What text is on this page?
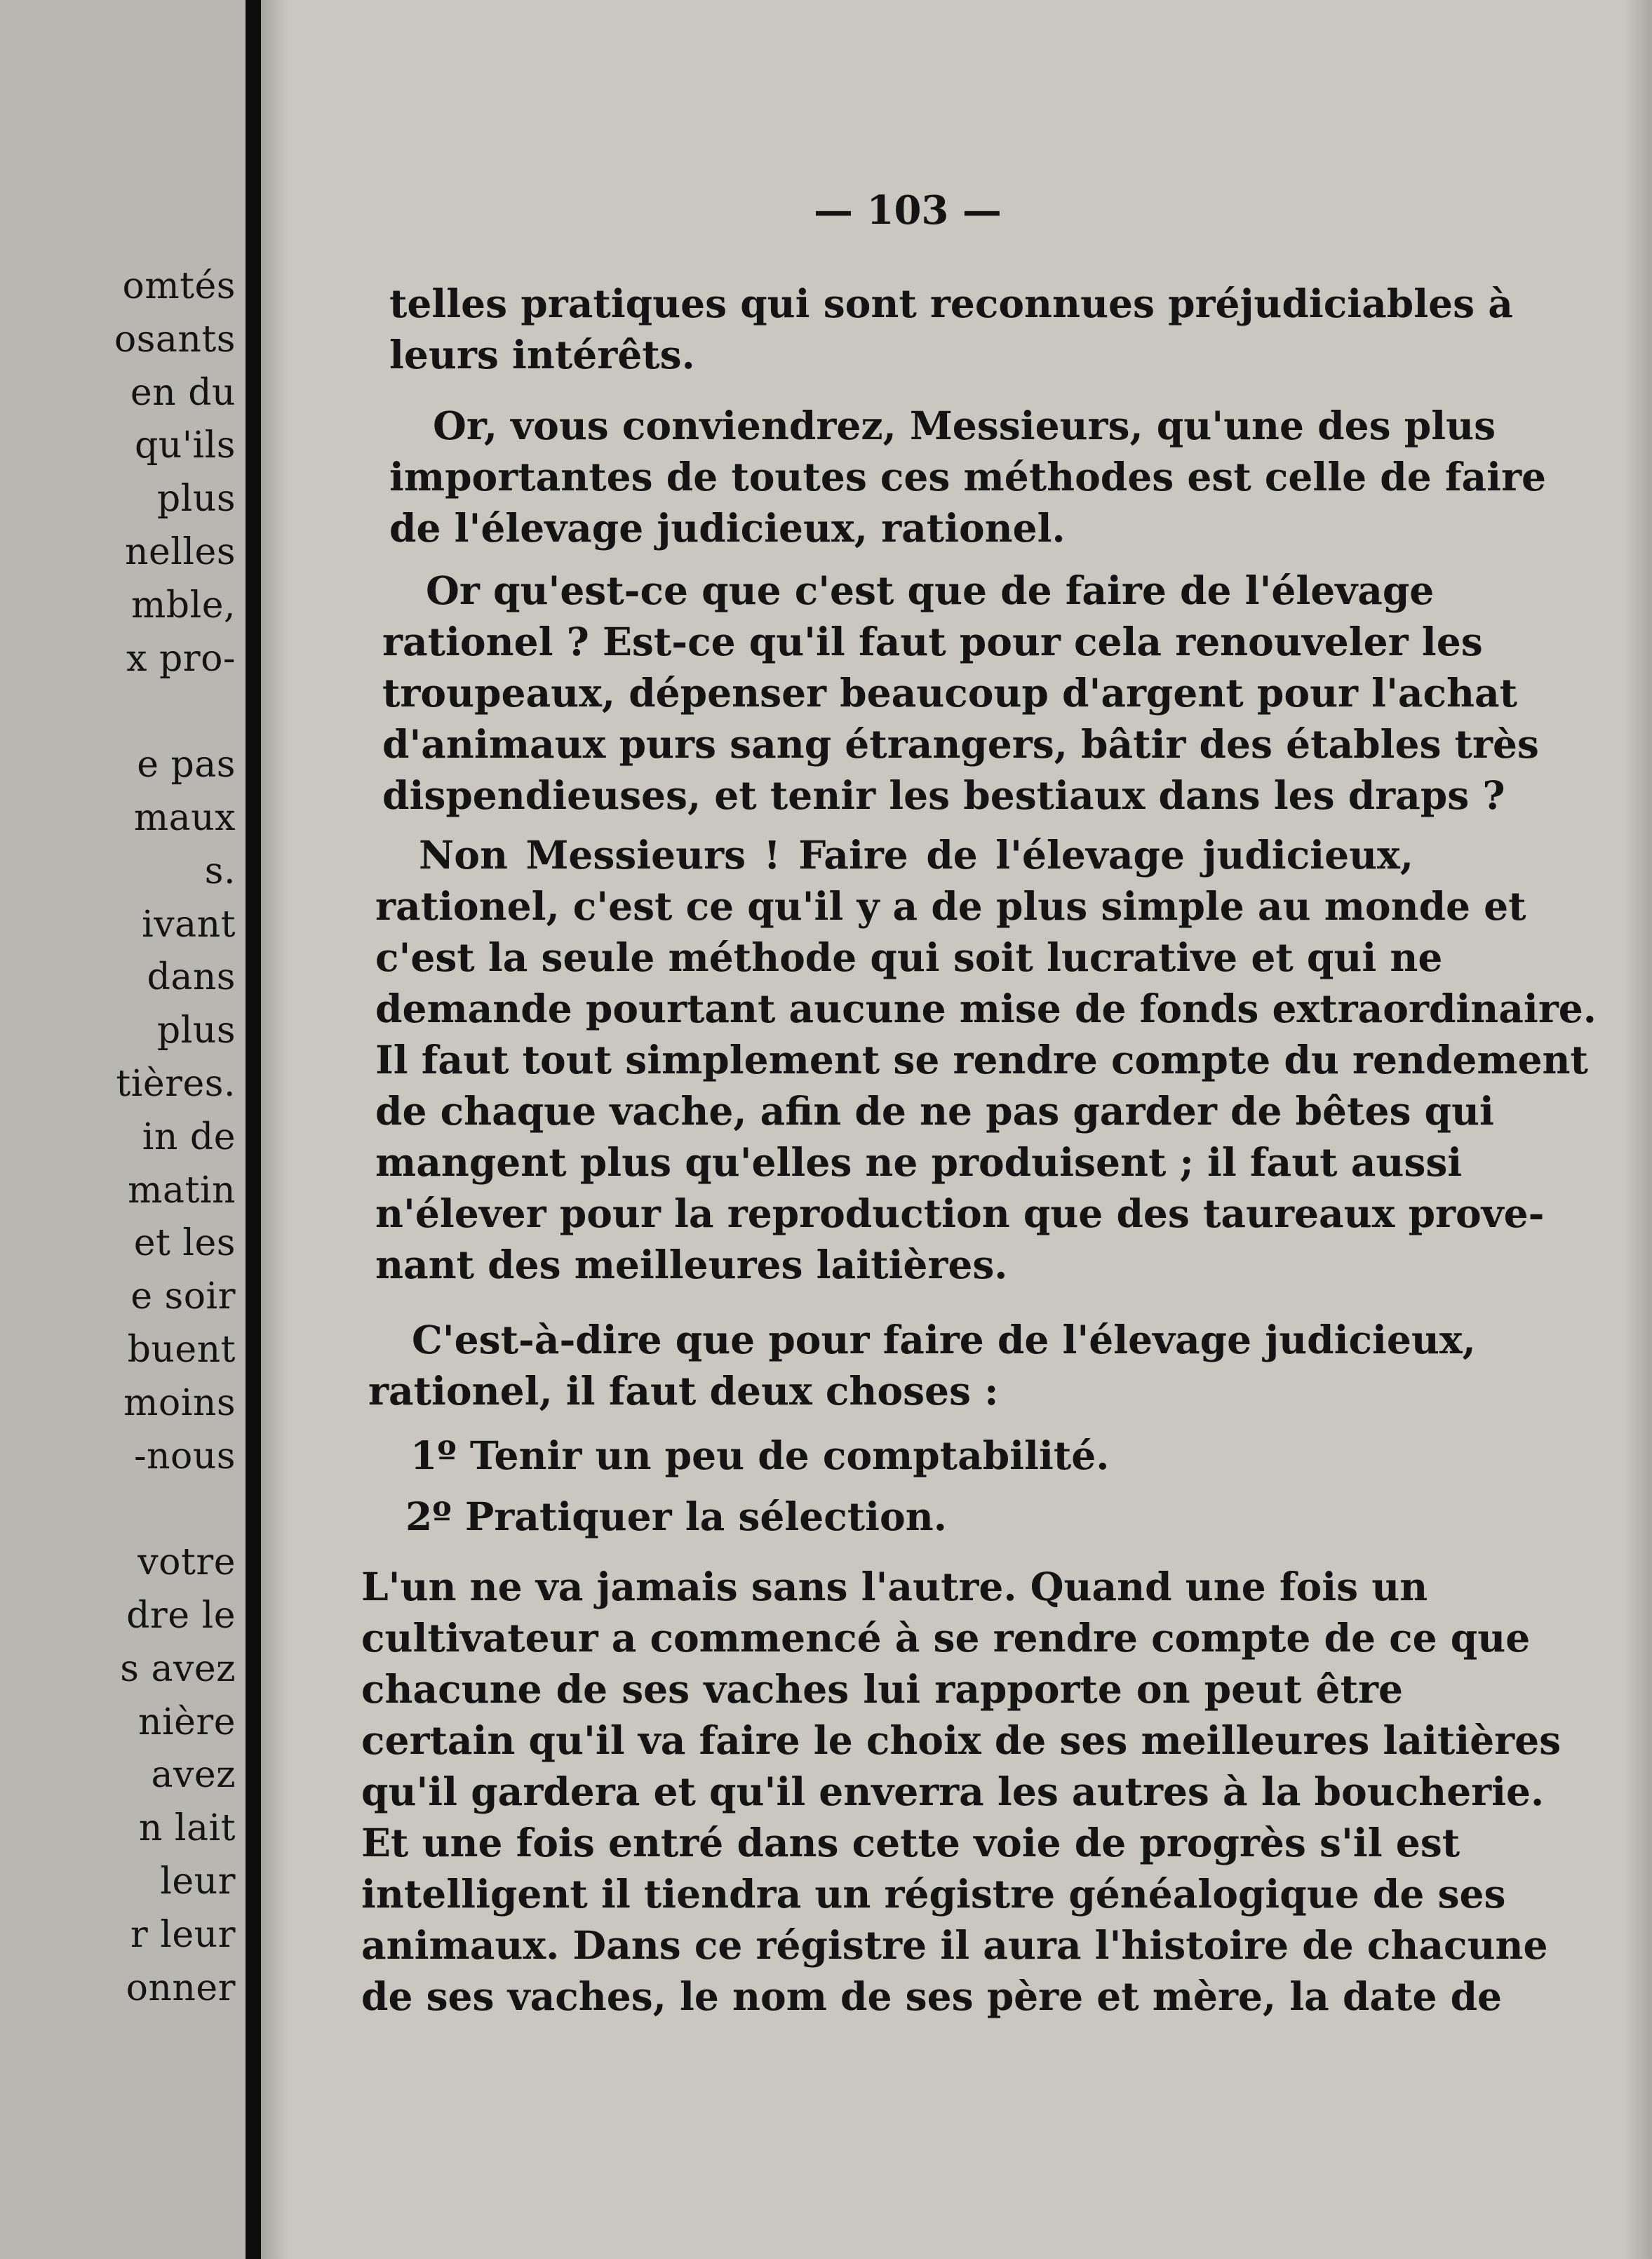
omtés
osants
en du
qu'ils
plus
nelles
mble,
x pro-
e pas
maux
s.
ivant
dans
plus
tières.
in de
matin
et les
e soir
buent
moins
-nous
votre
dre le
s avez
nière
avez
n lait
leur
r leur
onner
— 103 —
telles pratiques qui sont reconnues préjudiciables à
leurs intérêts.
Or, vous conviendrez, Messieurs, qu'une des plus
importantes de toutes ces méthodes est celle de faire
de l'élevage judicieux, rationel.
Or qu'est-ce que c'est que de faire de l'élevage
rationel ? Est-ce qu'il faut pour cela renouveler les
troupeaux, dépenser beaucoup d'argent pour l'achat
d'animaux purs sang étrangers, bâtir des étables très
dispendieuses, et tenir les bestiaux dans les draps ?
Non Messieurs ! Faire de l'élevage judicieux,
rationel, c'est ce qu'il y a de plus simple au monde et
c'est la seule méthode qui soit lucrative et qui ne
demande pourtant aucune mise de fonds extraordinaire.
Il faut tout simplement se rendre compte du rendement
de chaque vache, afin de ne pas garder de bêtes qui
mangent plus qu'elles ne produisent ; il faut aussi
n'élever pour la reproduction que des taureaux prove-
nant des meilleures laitières.
C'est-à-dire que pour faire de l'élevage judicieux,
rationel, il faut deux choses :
1º Tenir un peu de comptabilité.
2º Pratiquer la sélection.
L'un ne va jamais sans l'autre. Quand une fois un
cultivateur a commencé à se rendre compte de ce que
chacune de ses vaches lui rapporte on peut être
certain qu'il va faire le choix de ses meilleures laitières
qu'il gardera et qu'il enverra les autres à la boucherie.
Et une fois entré dans cette voie de progrès s'il est
intelligent il tiendra un régistre généalogique de ses
animaux. Dans ce régistre il aura l'histoire de chacune
de ses vaches, le nom de ses père et mère, la date de
